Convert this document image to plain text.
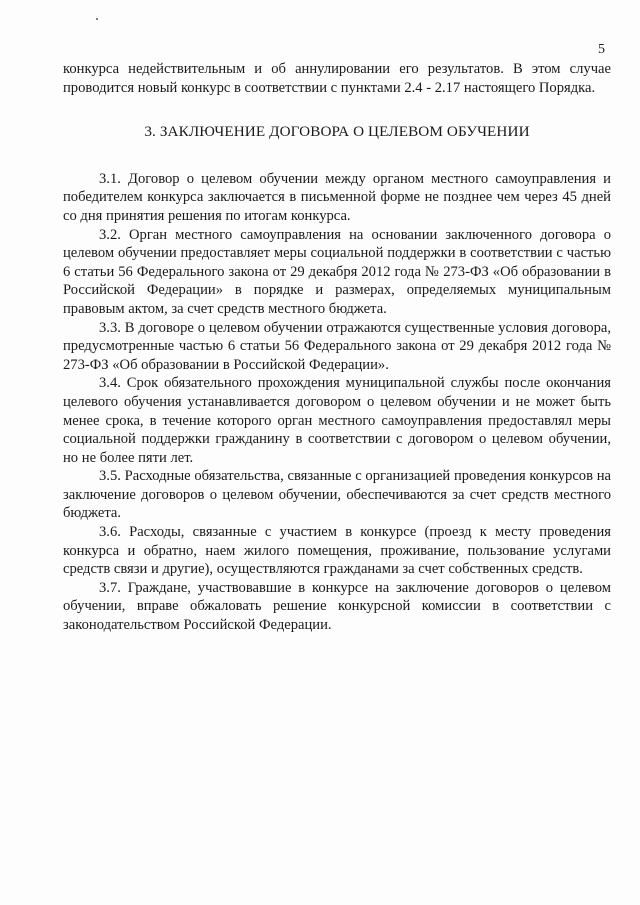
5

конкурса недействительным и об аннулировании его результатов. В этом случае проводится новый конкурс в соответствии с пунктами 2.4 - 2.17 настоящего Порядка.

3. ЗАКЛЮЧЕНИЕ ДОГОВОРА О ЦЕЛЕВОМ ОБУЧЕНИИ

3.1. Договор о целевом обучении между органом местного самоуправления и победителем конкурса заключается в письменной форме не позднее чем через 45 дней со дня принятия решения по итогам конкурса.

3.2. Орган местного самоуправления на основании заключенного договора о целевом обучении предоставляет меры социальной поддержки в соответствии с частью 6 статьи 56 Федерального закона от 29 декабря 2012 года № 273-ФЗ «Об образовании в Российской Федерации» в порядке и размерах, определяемых муниципальным правовым актом, за счет средств местного бюджета.

3.3. В договоре о целевом обучении отражаются существенные условия договора, предусмотренные частью 6 статьи 56 Федерального закона от 29 декабря 2012 года № 273-ФЗ «Об образовании в Российской Федерации».

3.4. Срок обязательного прохождения муниципальной службы после окончания целевого обучения устанавливается договором о целевом обучении и не может быть менее срока, в течение которого орган местного самоуправления предоставлял меры социальной поддержки гражданину в соответствии с договором о целевом обучении, но не более пяти лет.

3.5. Расходные обязательства, связанные с организацией проведения конкурсов на заключение договоров о целевом обучении, обеспечиваются за счет средств местного бюджета.

3.6. Расходы, связанные с участием в конкурсе (проезд к месту проведения конкурса и обратно, наем жилого помещения, проживание, пользование услугами средств связи и другие), осуществляются гражданами за счет собственных средств.

3.7. Граждане, участвовавшие в конкурсе на заключение договоров о целевом обучении, вправе обжаловать решение конкурсной комиссии в соответствии с законодательством Российской Федерации.
